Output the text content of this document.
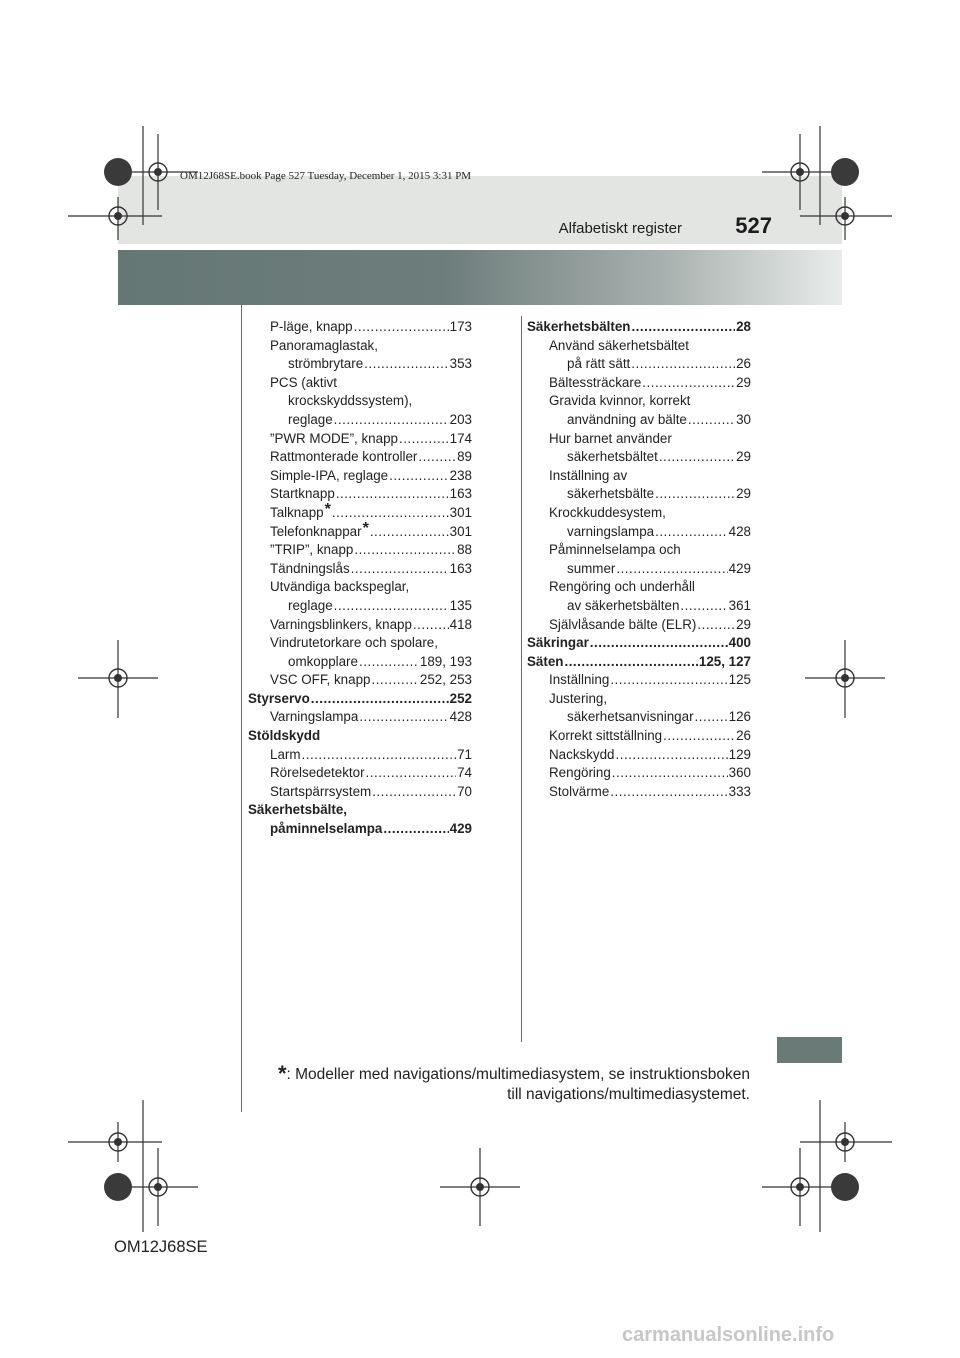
OM12J68SE.book Page 527 Tuesday, December 1, 2015 3:31 PM
Alfabetiskt register	527
P-läge, knapp .....	173
Panoramaglastak,
strömbrytare .....	353
PCS (aktivt
krockskyddssystem),
reglage .....	203
”PWR MODE”, knapp .....	174
Rattmonterade kontroller .....	89
Simple-IPA, reglage .....	238
Startknapp .....	163
Talknapp * .....	301
Telefonknappar * .....	301
”TRIP”, knapp .....	88
Tändningslås .....	163
Utvändiga backspeglar,
reglage .....	135
Varningsblinkers, knapp .....	418
Vindrutetorkare och spolare,
omkopplare .....	189, 193
VSC OFF, knapp .....	252, 253
Styrservo .....	252
Varningslampa .....	428
Stöldskydd
Larm .....	71
Rörelsedetektor .....	74
Startspärrsystem .....	70
Säkerhetsbälte,
påminnelselampa .....	429
Säkerhetsbälten .....	28
Använd säkerhetsbältet
på rätt sätt .....	26
Bältessträckare .....	29
Gravida kvinnor, korrekt
användning av bälte .....	30
Hur barnet använder
säkerhetsbältet .....	29
Inställning av
säkerhetsbälte .....	29
Krockkuddesystem,
varningslampa .....	428
Påminnelselampa och
summer .....	429
Rengöring och underhåll
av säkerhetsbälten .....	361
Självlåsande bälte (ELR) .....	29
Säkringar .....	400
Säten .....	125, 127
Inställning .....	125
Justering,
säkerhetsanvisningar .....	126
Korrekt sittställning .....	26
Nackskydd .....	129
Rengöring .....	360
Stolvärme .....	333
*: Modeller med navigations/multimediasystem, se instruktionsboken
till navigations/multimediasystemet.
OM12J68SE
carmanualsonline.info
